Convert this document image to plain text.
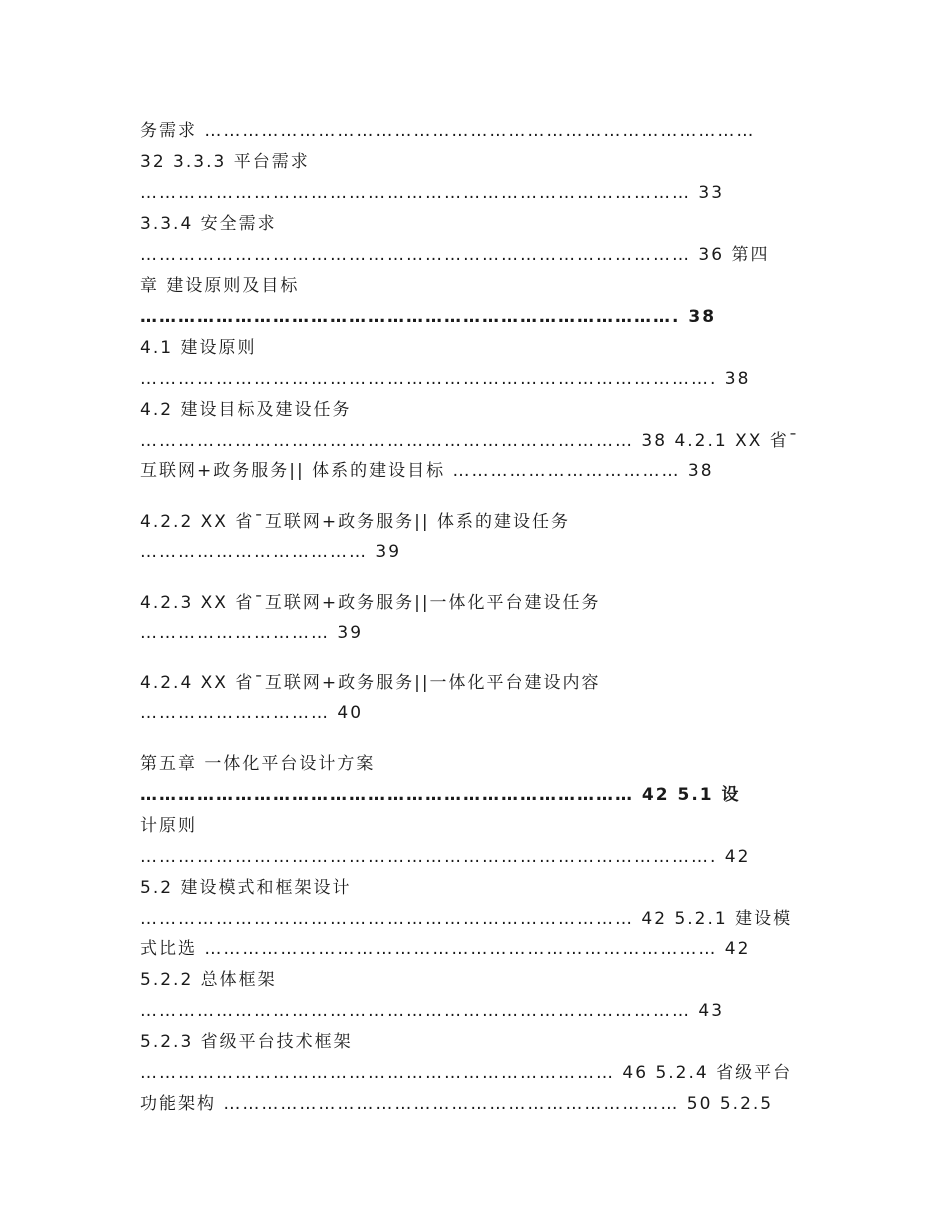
务需求 ……………………………………………………………………………
32 3.3.3 平台需求
…………………………………………………………………………… 33
3.3.4 安全需求
…………………………………………………………………………… 36 第四
章 建设原则及目标
…………………………………………………………………………. 38
4.1 建设原则
………………………………………………………………………………. 38
4.2 建设目标及建设任务
…………………………………………………………………… 38 4.2.1 XX 省¯
互联网+政务服务|| 体系的建设目标 ……………………………… 38
4.2.2 XX 省¯互联网+政务服务|| 体系的建设任务
……………………………… 39
4.2.3 XX 省¯互联网+政务服务||一体化平台建设任务
………………………… 39
4.2.4 XX 省¯互联网+政务服务||一体化平台建设内容
………………………… 40
第五章 一体化平台设计方案
…………………………………………………………………… 42 5.1 设
计原则
………………………………………………………………………………. 42
5.2 建设模式和框架设计
…………………………………………………………………… 42 5.2.1 建设模
式比选 ……………………………………………………………………… 42
5.2.2 总体框架
…………………………………………………………………………… 43
5.2.3 省级平台技术框架
………………………………………………………………… 46 5.2.4 省级平台
功能架构 ……………………………………………………………… 50 5.2.5
